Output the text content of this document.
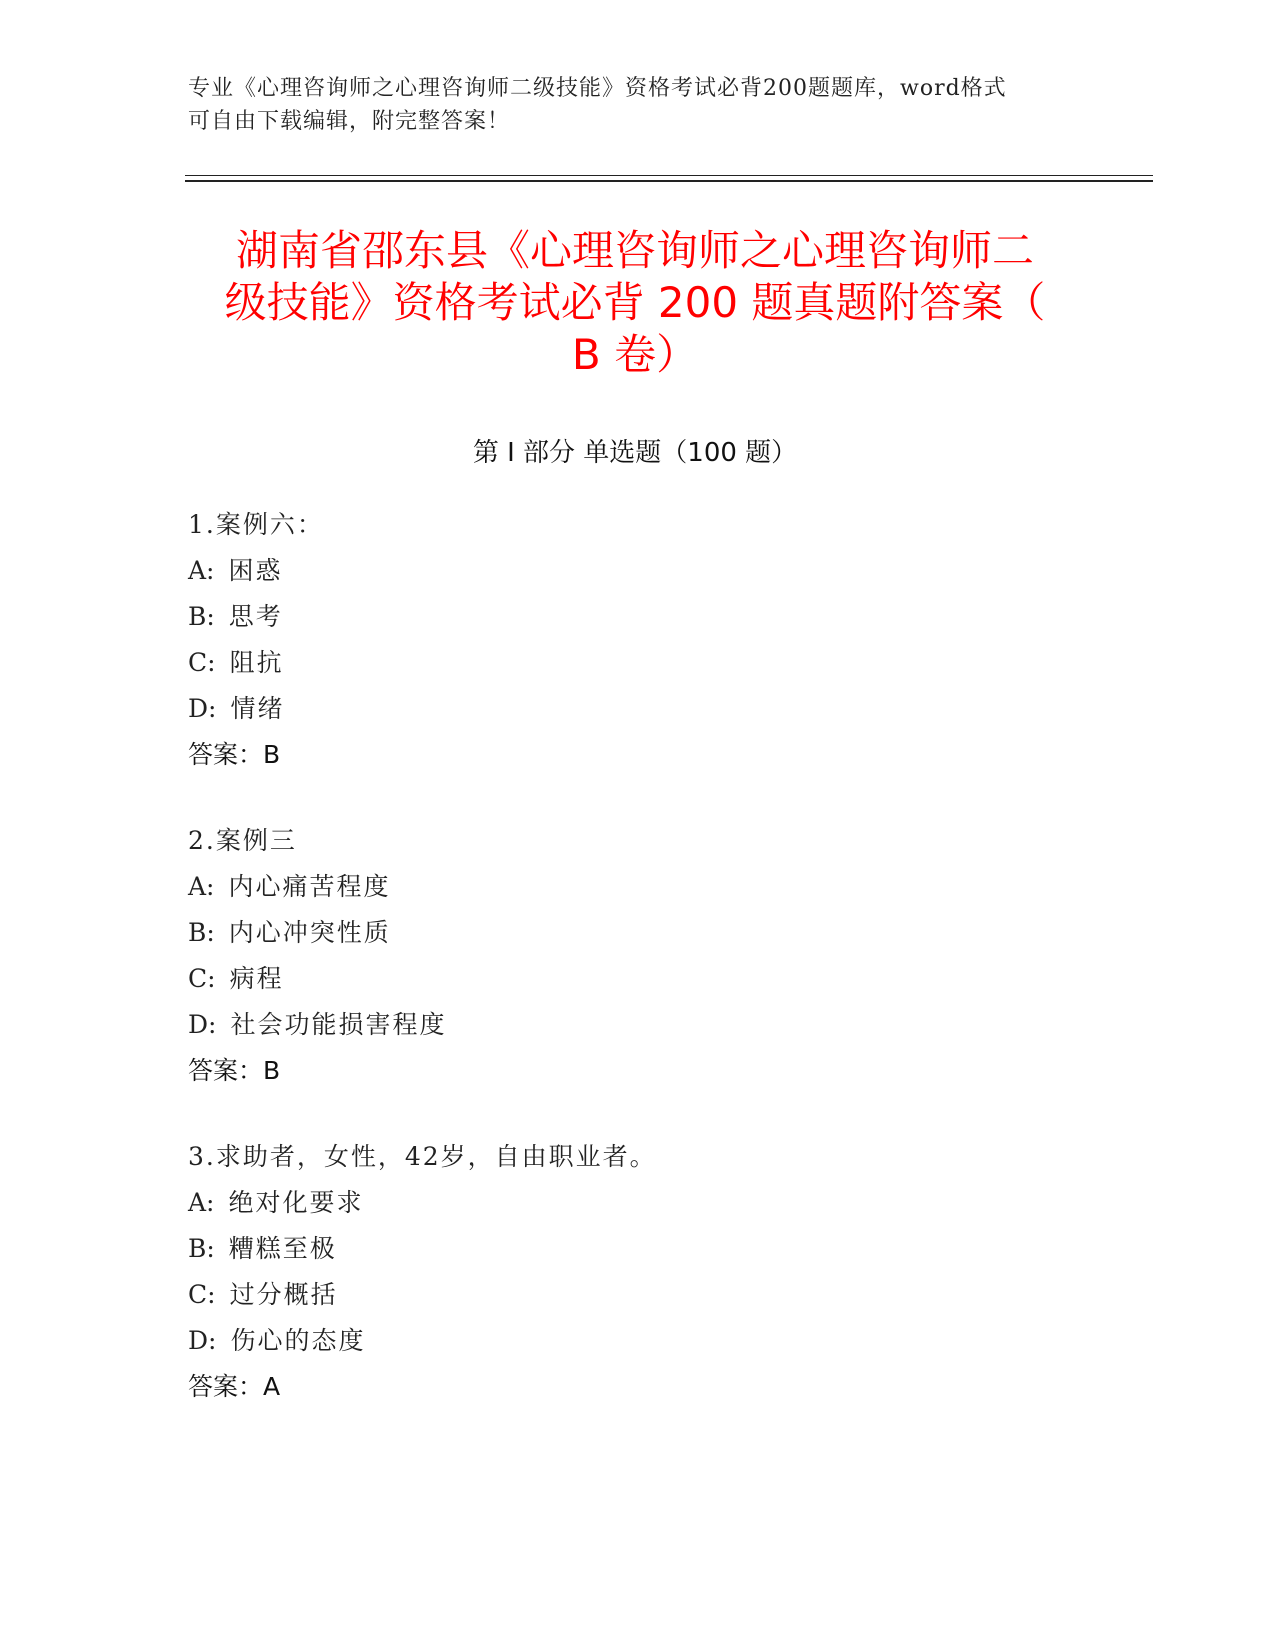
专业《心理咨询师之心理咨询师二级技能》资格考试必背200题题库，word格式
可自由下载编辑，附完整答案！
湖南省邵东县《心理咨询师之心理咨询师二
级技能》资格考试必背 200 题真题附答案（
B 卷）
第 I 部分 单选题（100 题）
1.案例六：
A: 困惑
B: 思考
C: 阻抗
D: 情绪
答案：B
2.案例三
A: 内心痛苦程度
B: 内心冲突性质
C: 病程
D: 社会功能损害程度
答案：B
3.求助者，女性，42岁，自由职业者。
A: 绝对化要求
B: 糟糕至极
C: 过分概括
D: 伤心的态度
答案：A
